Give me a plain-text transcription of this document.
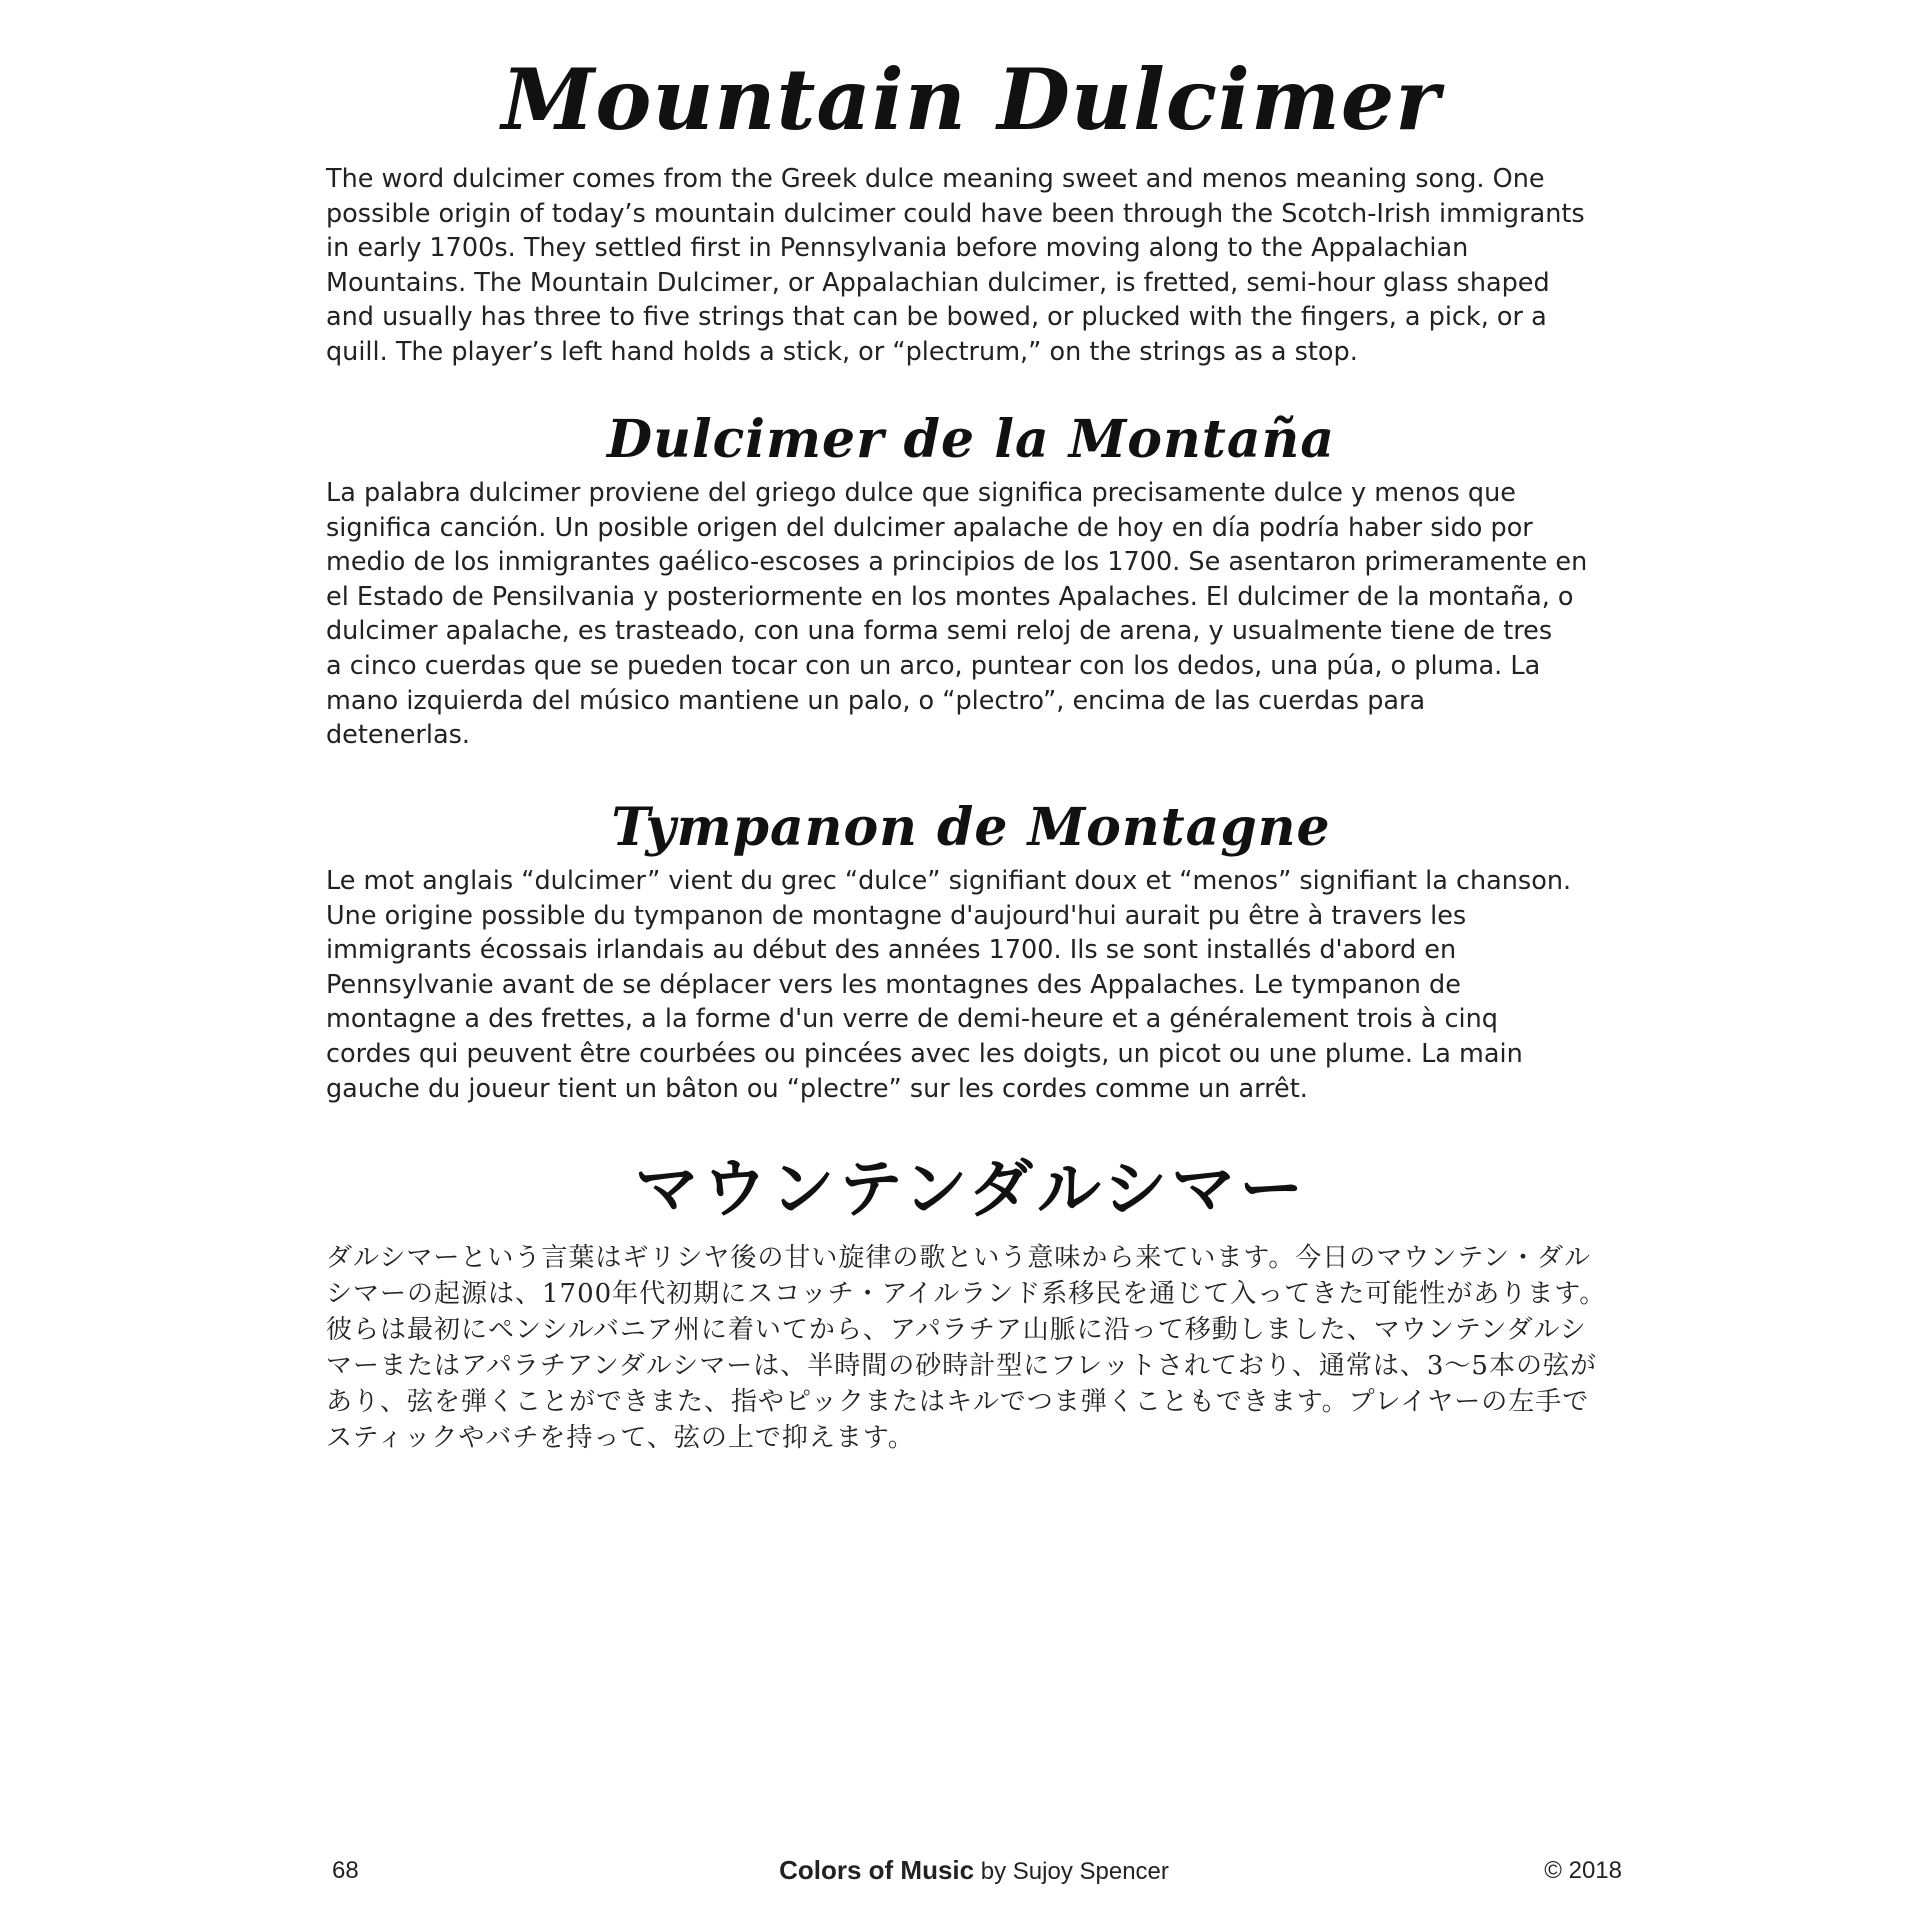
Mountain Dulcimer

The word dulcimer comes from the Greek dulce meaning sweet and menos meaning song. One

possible origin of today’s mountain dulcimer could have been through the Scotch-Irish immigrants

in early 1700s. They settled first in Pennsylvania before moving along to the Appalachian

Mountains. The Mountain Dulcimer, or Appalachian dulcimer, is fretted, semi-hour glass shaped

and usually has three to five strings that can be bowed, or plucked with the fingers, a pick, or a

quill. The player’s left hand holds a stick, or “plectrum,” on the strings as a stop.

Dulcimer de la Montaña

La palabra dulcimer proviene del griego dulce que significa precisamente dulce y menos que

significa canción. Un posible origen del dulcimer apalache de hoy en día podría haber sido por

medio de los inmigrantes gaélico-escoses a principios de los 1700. Se asentaron primeramente en

el Estado de Pensilvania y posteriormente en los montes Apalaches. El dulcimer de la montaña, o

dulcimer apalache, es trasteado, con una forma semi reloj de arena, y usualmente tiene de tres

a cinco cuerdas que se pueden tocar con un arco, puntear con los dedos, una púa, o pluma. La

mano izquierda del músico mantiene un palo, o “plectro”, encima de las cuerdas para

detenerlas.

Tympanon de Montagne

Le mot anglais “dulcimer” vient du grec “dulce” signifiant doux et “menos” signifiant la chanson.

Une origine possible du tympanon de montagne d'aujourd'hui aurait pu être à travers les

immigrants écossais irlandais au début des années 1700. Ils se sont installés d'abord en

Pennsylvanie avant de se déplacer vers les montagnes des Appalaches. Le tympanon de

montagne a des frettes, a la forme d'un verre de demi-heure et a généralement trois à cinq

cordes qui peuvent être courbées ou pincées avec les doigts, un picot ou une plume. La main

gauche du joueur tient un bâton ou “plectre” sur les cordes comme un arrêt.

マウンテンダルシマー

ダルシマーという言葉はギリシヤ後の甘い旋律の歌という意味から来ています。今日のマウンテン・ダル

シマーの起源は、1700年代初期にスコッチ・アイルランド系移民を通じて入ってきた可能性があります。

彼らは最初にペンシルバニア州に着いてから、アパラチア山脈に沿って移動しました、マウンテンダルシ

マーまたはアパラチアンダルシマーは、半時間の砂時計型にフレットされており、通常は、3〜5本の弦が

あり、弦を弾くことができまた、指やピックまたはキルでつま弾くこともできます。プレイヤーの左手で

スティックやバチを持って、弦の上で抑えます。

68	Colors of Music by Sujoy Spencer	© 2018
